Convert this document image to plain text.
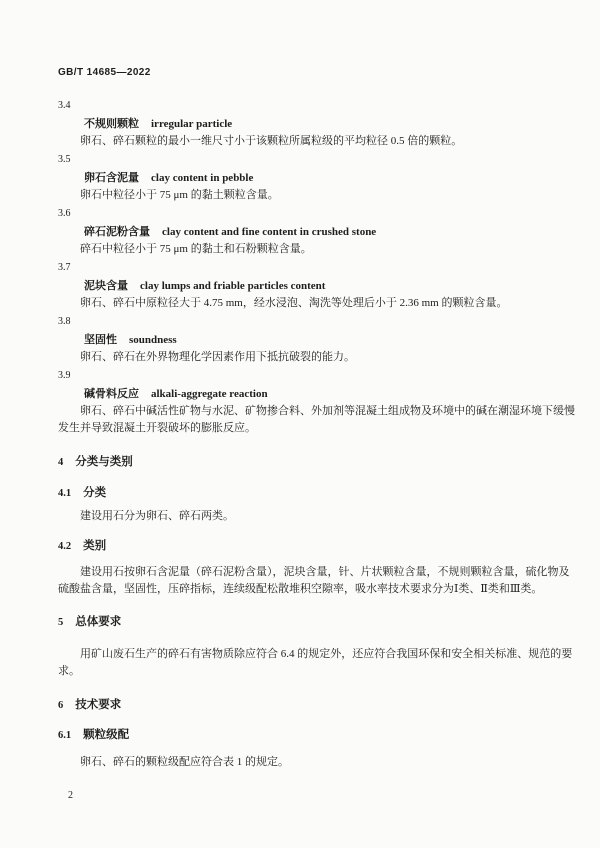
GB/T 14685—2022
3.4
不规则颗粒 irregular particle

卵石、碎石颗粒的最小一维尺寸小于该颗粒所属粒级的平均粒径 0.5 倍的颗粒。

3.5
卵石含泥量 clay content in pebble

卵石中粒径小于 75 μm 的黏土颗粒含量。

3.6
碎石泥粉含量 clay content and fine content in crushed stone

碎石中粒径小于 75 μm 的黏土和石粉颗粒含量。

3.7
泥块含量 clay lumps and friable particles content

卵石、碎石中原粒径大于 4.75 mm，经水浸泡、淘洗等处理后小于 2.36 mm 的颗粒含量。

3.8
坚固性 soundness

卵石、碎石在外界物理化学因素作用下抵抗破裂的能力。

3.9
碱骨料反应 alkali-aggregate reaction

卵石、碎石中碱活性矿物与水泥、矿物掺合料、外加剂等混凝土组成物及环境中的碱在潮湿环境下缓慢发生并导致混凝土开裂破坏的膨胀反应。

4 分类与类别
4.1 分类

建设用石分为卵石、碎石两类。

4.2 类别

建设用石按卵石含泥量（碎石泥粉含量），泥块含量，针、片状颗粒含量，不规则颗粒含量，硫化物及硫酸盐含量，坚固性，压碎指标，连续级配松散堆积空隙率，吸水率技术要求分为Ⅰ类、Ⅱ类和Ⅲ类。

5 总体要求

用矿山废石生产的碎石有害物质除应符合 6.4 的规定外，还应符合我国环保和安全相关标准、规范的要求。

6 技术要求
6.1 颗粒级配

卵石、碎石的颗粒级配应符合表 1 的规定。

2
